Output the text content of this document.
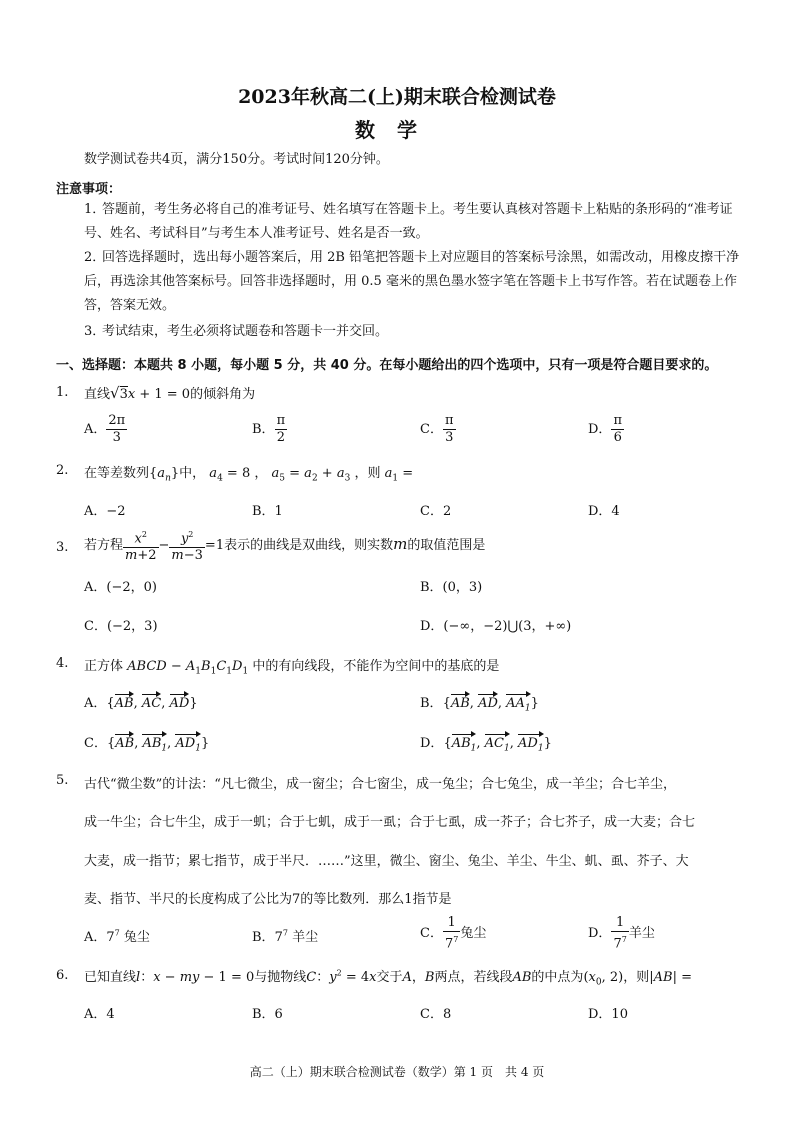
2023年秋高二(上)期末联合检测试卷
数学
数学测试卷共4页，满分150分。考试时间120分钟。
注意事项：
1．答题前，考生务必将自己的准考证号、姓名填写在答题卡上。考生要认真核对答题卡上粘贴的条形码的“准考证号、姓名、考试科目”与考生本人准考证号、姓名是否一致。
2．回答选择题时，选出每小题答案后，用 2B 铅笔把答题卡上对应题目的答案标号涂黑，如需改动，用橡皮擦干净后，再选涂其他答案标号。回答非选择题时，用 0.5 毫米的黑色墨水签字笔在答题卡上书写作答。若在试题卷上作答，答案无效。
3．考试结束，考生必须将试题卷和答题卡一并交回。
一、选择题：本题共 8 小题，每小题 5 分，共 40 分。在每小题给出的四个选项中，只有一项是符合题目要求的。
1. 直线√3x + 1 = 0的倾斜角为
A． $\frac{2\pi}{3}$	B． $\frac{\pi}{2}$	C． $\frac{\pi}{3}$	D． $\frac{\pi}{6}$
2. 在等差数列$\{a_n\}$中， $a_4 = 8$ ， $a_5 = a_2 + a_3$ ，则 $a_1$ =
A．−2	B．1	C．2	D．4
3. 若方程 $\frac{x^2}{m+2} - \frac{y^2}{m-3} =1$表示的曲线是双曲线，则实数m的取值范围是
A．(−2，0)	B．(0，3)
C．(−2，3)	D．(−∞，−2)⋃(3，+∞)
4. 正方体 ABCD − $A_1B_1C_1D_1$ 中的有向线段，不能作为空间中的基底的是
A．{AB, AC, AD}	B．{AB, AD, $AA_1$}
C．{AB, $AB_1$, $AD_1$}	D．{$AB_1$, $AC_1$, $AD_1$}
5. 古代“微尘数”的计法：“凡七微尘，成一窗尘；合七窗尘，成一兔尘；合七兔尘，成一羊尘；合七羊尘，
成一牛尘；合七牛尘，成于一虮；合于七虮，成于一虱；合于七虱，成一芥子；合七芥子，成一大麦；合七
大麦，成一指节；累七指节，成于半尺．……”这里，微尘、窗尘、兔尘、羊尘、牛尘、虮、虱、芥子、大
麦、指节、半尺的长度构成了公比为7的等比数列．那么1指节是
A．$7^7$ 兔尘	B．$7^7$ 羊尘	C． $\frac{1}{7^7}$ 兔尘	D． $\frac{1}{7^7}$ 羊尘
6. 已知直线l：x − my − 1 = 0与抛物线C：$y^2 = 4x$交于A，B两点，若线段AB的中点为($x_0$, 2)，则|AB| =
A．4	B．6	C．8	D．10
高二（上）期末联合检测试卷（数学）第 1 页　共 4 页
